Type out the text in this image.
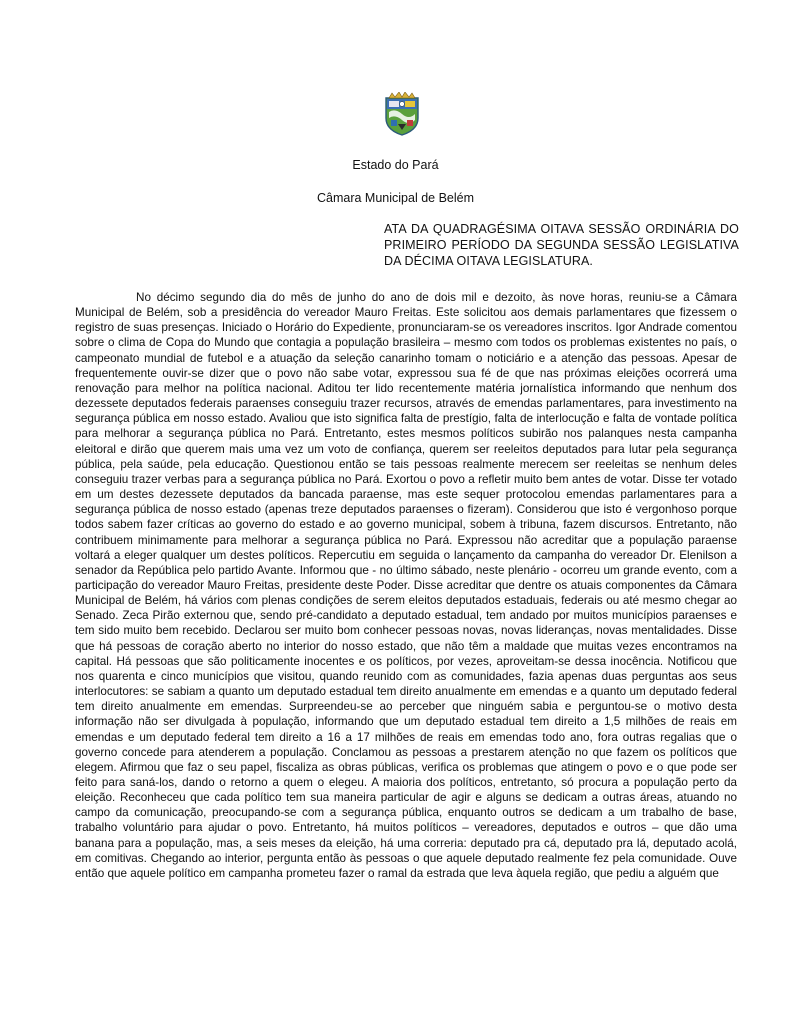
Estado do Pará
Câmara Municipal de Belém
ATA DA QUADRAGÉSIMA OITAVA SESSÃO ORDINÁRIA DO PRIMEIRO PERÍODO DA SEGUNDA SESSÃO LEGISLATIVA DA DÉCIMA OITAVA LEGISLATURA.

No décimo segundo dia do mês de junho do ano de dois mil e dezoito, às nove horas, reuniu-se a Câmara Municipal de Belém, sob a presidência do vereador Mauro Freitas. Este solicitou aos demais parlamentares que fizessem o registro de suas presenças. Iniciado o Horário do Expediente, pronunciaram-se os vereadores inscritos. Igor Andrade comentou sobre o clima de Copa do Mundo que contagia a população brasileira – mesmo com todos os problemas existentes no país, o campeonato mundial de futebol e a atuação da seleção canarinho tomam o noticiário e a atenção das pessoas. Apesar de frequentemente ouvir-se dizer que o povo não sabe votar, expressou sua fé de que nas próximas eleições ocorrerá uma renovação para melhor na política nacional. Aditou ter lido recentemente matéria jornalística informando que nenhum dos dezessete deputados federais paraenses conseguiu trazer recursos, através de emendas parlamentares, para investimento na segurança pública em nosso estado. Avaliou que isto significa falta de prestígio, falta de interlocução e falta de vontade política para melhorar a segurança pública no Pará. Entretanto, estes mesmos políticos subirão nos palanques nesta campanha eleitoral e dirão que querem mais uma vez um voto de confiança, querem ser reeleitos deputados para lutar pela segurança pública, pela saúde, pela educação. Questionou então se tais pessoas realmente merecem ser reeleitas se nenhum deles conseguiu trazer verbas para a segurança pública no Pará. Exortou o povo a refletir muito bem antes de votar. Disse ter votado em um destes dezessete deputados da bancada paraense, mas este sequer protocolou emendas parlamentares para a segurança pública de nosso estado (apenas treze deputados paraenses o fizeram). Considerou que isto é vergonhoso porque todos sabem fazer críticas ao governo do estado e ao governo municipal, sobem à tribuna, fazem discursos. Entretanto, não contribuem minimamente para melhorar a segurança pública no Pará. Expressou não acreditar que a população paraense voltará a eleger qualquer um destes políticos. Repercutiu em seguida o lançamento da campanha do vereador Dr. Elenilson a senador da República pelo partido Avante. Informou que - no último sábado, neste plenário - ocorreu um grande evento, com a participação do vereador Mauro Freitas, presidente deste Poder. Disse acreditar que dentre os atuais componentes da Câmara Municipal de Belém, há vários com plenas condições de serem eleitos deputados estaduais, federais ou até mesmo chegar ao Senado. Zeca Pirão externou que, sendo pré-candidato a deputado estadual, tem andado por muitos municípios paraenses e tem sido muito bem recebido. Declarou ser muito bom conhecer pessoas novas, novas lideranças, novas mentalidades. Disse que há pessoas de coração aberto no interior do nosso estado, que não têm a maldade que muitas vezes encontramos na capital. Há pessoas que são politicamente inocentes e os políticos, por vezes, aproveitam-se dessa inocência. Notificou que nos quarenta e cinco municípios que visitou, quando reunido com as comunidades, fazia apenas duas perguntas aos seus interlocutores: se sabiam a quanto um deputado estadual tem direito anualmente em emendas e a quanto um deputado federal tem direito anualmente em emendas. Surpreendeu-se ao perceber que ninguém sabia e perguntou-se o motivo desta informação não ser divulgada à população, informando que um deputado estadual tem direito a 1,5 milhões de reais em emendas e um deputado federal tem direito a 16 a 17 milhões de reais em emendas todo ano, fora outras regalias que o governo concede para atenderem a população. Conclamou as pessoas a prestarem atenção no que fazem os políticos que elegem. Afirmou que faz o seu papel, fiscaliza as obras públicas, verifica os problemas que atingem o povo e o que pode ser feito para saná-los, dando o retorno a quem o elegeu. A maioria dos políticos, entretanto, só procura a população perto da eleição. Reconheceu que cada político tem sua maneira particular de agir e alguns se dedicam a outras áreas, atuando no campo da comunicação, preocupando-se com a segurança pública, enquanto outros se dedicam a um trabalho de base, trabalho voluntário para ajudar o povo. Entretanto, há muitos políticos – vereadores, deputados e outros – que dão uma banana para a população, mas, a seis meses da eleição, há uma correria: deputado pra cá, deputado pra lá, deputado acolá, em comitivas. Chegando ao interior, pergunta então às pessoas o que aquele deputado realmente fez pela comunidade. Ouve então que aquele político em campanha prometeu fazer o ramal da estrada que leva àquela região, que pediu a alguém que
